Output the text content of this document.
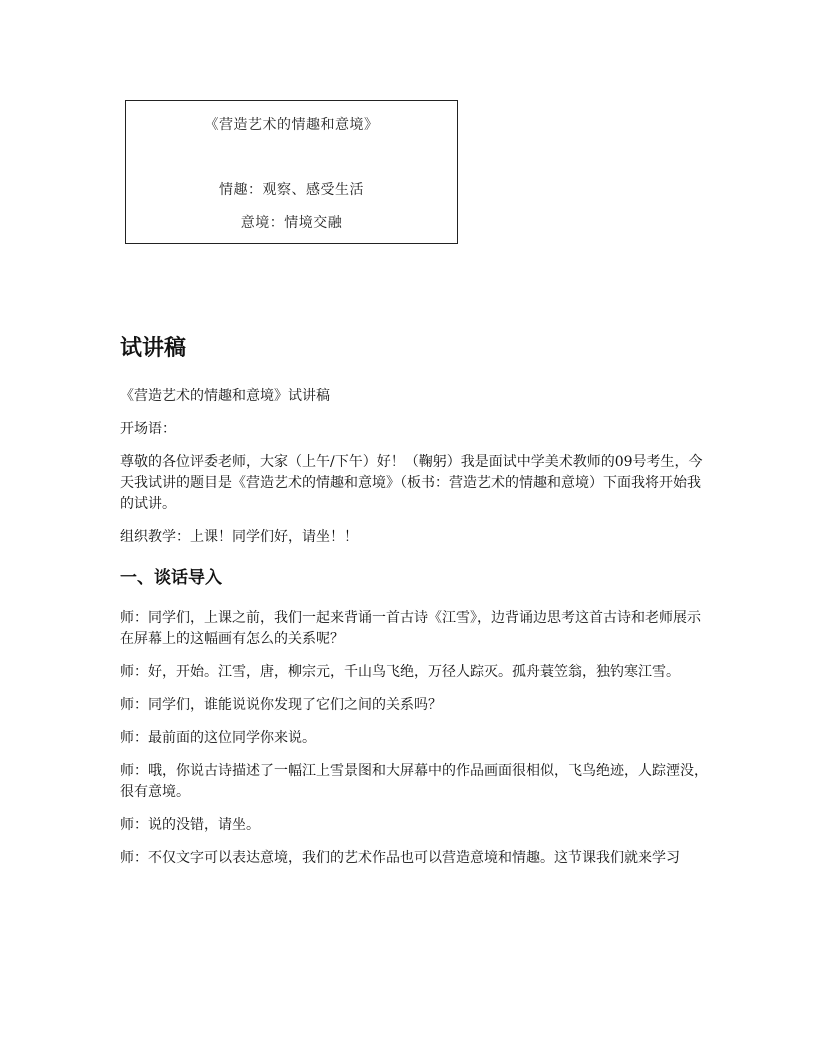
《营造艺术的情趣和意境》
情趣：观察、感受生活
意境：情境交融
试讲稿

《营造艺术的情趣和意境》试讲稿

开场语：

尊敬的各位评委老师，大家（上午/下午）好！（鞠躬）我是面试中学美术教师的09号考生，今天我试讲的题目是《营造艺术的情趣和意境》（板书：营造艺术的情趣和意境）下面我将开始我的试讲。

组织教学：上课！同学们好，请坐！！

一、谈话导入

师：同学们，上课之前，我们一起来背诵一首古诗《江雪》，边背诵边思考这首古诗和老师展示在屏幕上的这幅画有怎么的关系呢？

师：好，开始。江雪，唐，柳宗元，千山鸟飞绝，万径人踪灭。孤舟蓑笠翁，独钓寒江雪。

师：同学们，谁能说说你发现了它们之间的关系吗？

师：最前面的这位同学你来说。

师：哦，你说古诗描述了一幅江上雪景图和大屏幕中的作品画面很相似，飞鸟绝迹，人踪湮没，很有意境。

师：说的没错，请坐。

师：不仅文字可以表达意境，我们的艺术作品也可以营造意境和情趣。这节课我们就来学习
